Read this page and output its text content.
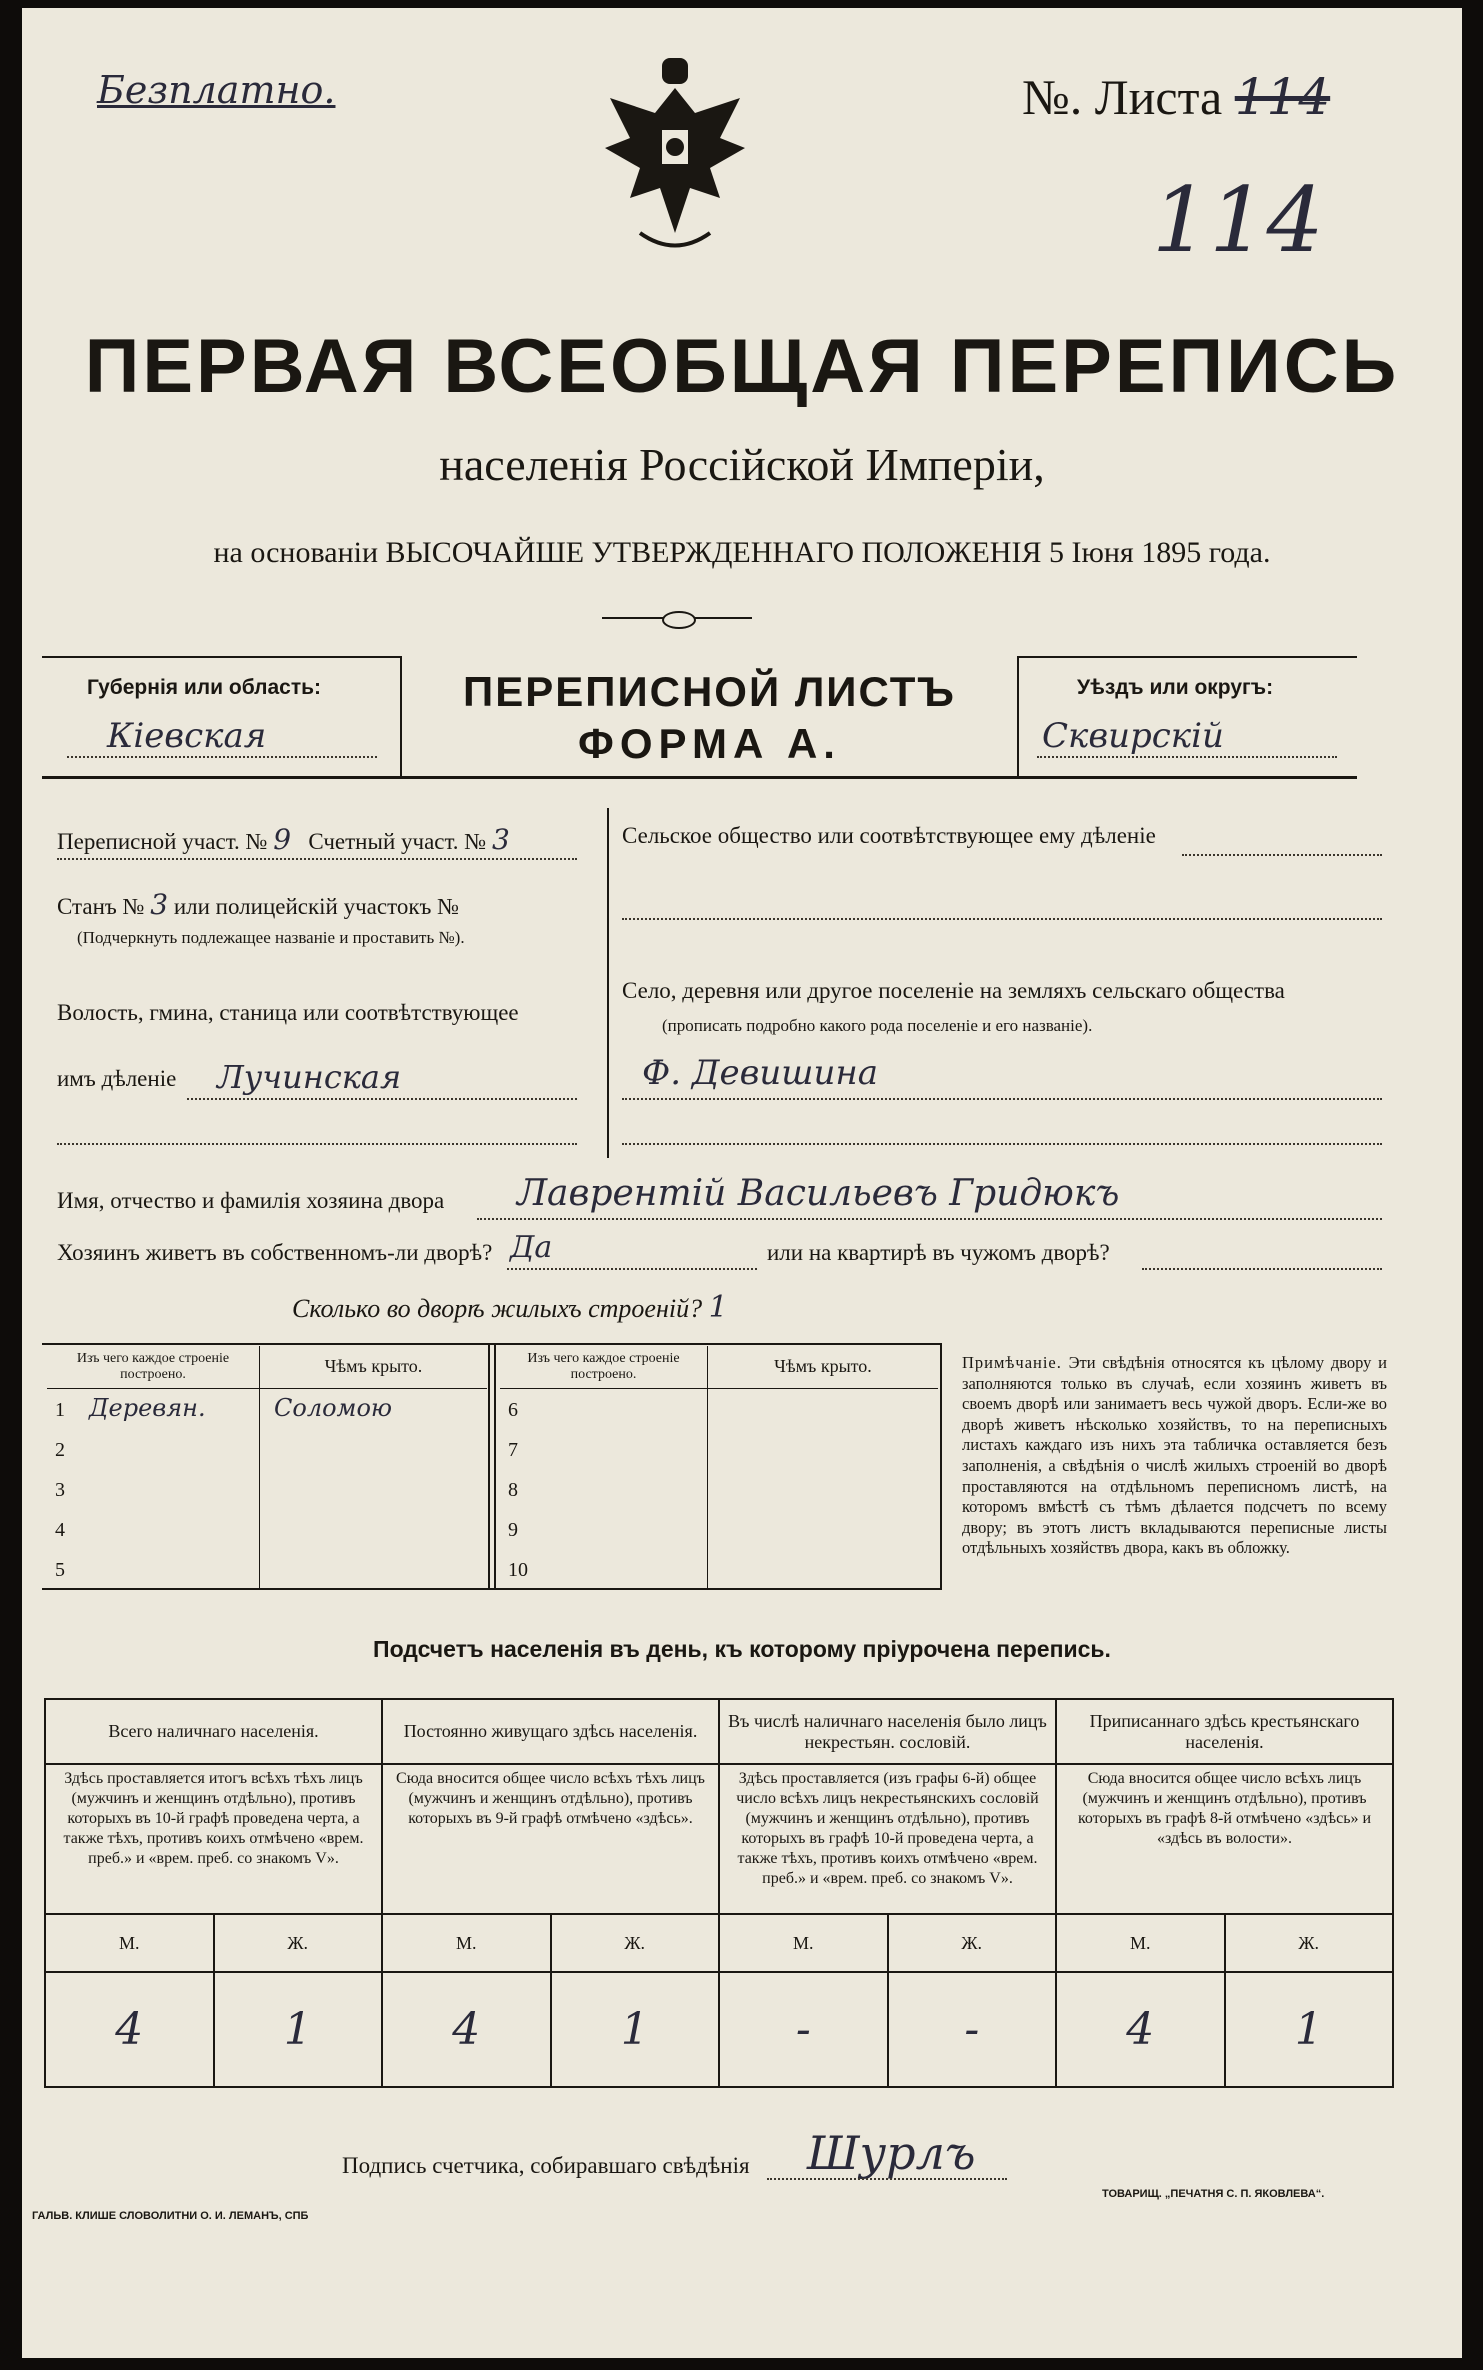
Безплатно.	№. Листа 114
114
ПЕРВАЯ ВСЕОБЩАЯ ПЕРЕПИСЬ
населенія Россійской Имперіи,
на основаніи ВЫСОЧАЙШЕ УТВЕРЖДЕННАГО ПОЛОЖЕНІЯ 5 Іюня 1895 года.
Губернія или область:
Кіевская
ПЕРЕПИСНОЙ ЛИСТЪ
ФОРМА А.
Уѣздъ или округъ:
Сквирскій
Переписной участ. № 9 Счетный участ. № 3
Станъ № 3 или полицейскій участокъ №
(Подчеркнуть подлежащее названіе и проставить №).
Волость, гмина, станица или соотвѣтствующее
имъ дѣленіе Лучинская
Сельское общество или соотвѣтствующее ему дѣленіе
Село, деревня или другое поселеніе на земляхъ сельскаго общества
(прописать подробно какого рода поселеніе и его названіе).
Ф. Девишина
Имя, отчество и фамилія хозяина двора Лаврентій Васильевъ Гридюкъ
Хозяинъ живетъ въ собственномъ-ли дворѣ? Да	или на квартирѣ въ чужомъ дворѣ?
Сколько во дворѣ жилыхъ строеній? 1
Изъ чего каждое строеніе построено.	Чѣмъ крыто.
1 Деревян.	Соломою
2	
3	
4	
5	
Изъ чего каждое строеніе построено.	Чѣмъ крыто.
6	
7	
8	
9	
10	
Примѣчаніе. Эти свѣдѣнія относятся къ цѣлому двору и заполняются только въ случаѣ, если хозяинъ живетъ въ своемъ дворѣ или занимаетъ весь чужой дворъ. Если-же во дворѣ живетъ нѣсколько хозяйствъ, то на переписныхъ листахъ каждаго изъ нихъ эта табличка оставляется безъ заполненія, а свѣдѣнія о числѣ жилыхъ строеній во дворѣ проставляются на отдѣльномъ переписномъ листѣ, на которомъ вмѣстѣ съ тѣмъ дѣлается подсчетъ по всему двору; въ этотъ листъ вкладываются переписные листы отдѣльныхъ хозяйствъ двора, какъ въ обложку.
Подсчетъ населенія въ день, къ которому пріурочена перепись.
Всего наличнаго населенія.		Постоянно живущаго здѣсь населенія.		Въ числѣ наличнаго населенія было лицъ некрестьян. сословій.		Приписаннаго здѣсь крестьянскаго населенія.	
Здѣсь проставляется итогъ всѣхъ тѣхъ лицъ (мужчинъ и женщинъ отдѣльно), противъ которыхъ въ 10-й графѣ проведена черта, а также тѣхъ, противъ коихъ отмѣчено «врем. преб.» и «врем. преб. со знакомъ V».		Сюда вносится общее число всѣхъ тѣхъ лицъ (мужчинъ и женщинъ отдѣльно), противъ которыхъ въ 9-й графѣ отмѣчено «здѣсь».		Здѣсь проставляется (изъ графы 6-й) общее число всѣхъ лицъ некрестьянскихъ сословій (мужчинъ и женщинъ отдѣльно), противъ которыхъ въ графѣ 10-й проведена черта, а также тѣхъ, противъ коихъ отмѣчено «врем. преб.» и «врем. преб. со знакомъ V».		Сюда вносится общее число всѣхъ лицъ (мужчинъ и женщинъ отдѣльно), противъ которыхъ въ графѣ 8-й отмѣчено «здѣсь» и «здѣсь въ волости».	
М.	Ж.	М.	Ж.	М.	Ж.	М.	Ж.
4	1	4	1	-	-	4	1
Подпись счетчика, собиравшаго свѣдѣнія Шурлъ
ГАЛЬВ. КЛИШЕ СЛОВОЛИТНИ О. И. ЛЕМАНЪ, СПБ
ТОВАРИЩ. „ПЕЧАТНЯ С. П. ЯКОВЛЕВА“.
